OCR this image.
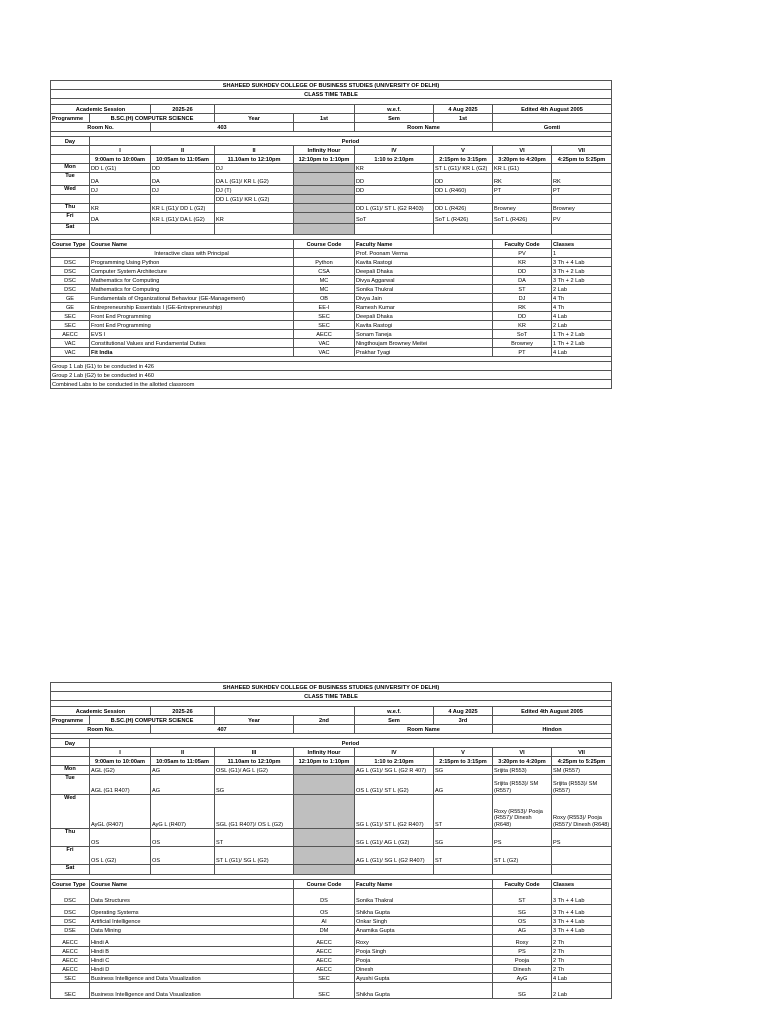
SHAHEED SUKHDEV COLLEGE OF BUSINESS STUDIES (UNIVERSITY OF DELHI)								
CLASS TIME TABLE								

Academic Session		2025-26			w.e.f.	4 Aug 2025	Edited 4th August 2005	
Programme	B.SC.(H) COMPUTER SCIENCE		Year	1st	Sem	1st		
Room No.		403			Room Name		Gomti	

Day	Period							
	I	II	II	Infinity Hour	IV	V	VI	VII
	9:00am to 10:00am	10:05am to 11:05am	11.10am to 12:10pm	12:10pm to 1:10pm	1:10 to 2:10pm	2:15pm to 3:15pm	3:20pm to 4:20pm	4:25pm to 5:25pm
Mon	DD L (G1)	DD	DJ		KR	ST L (G1)/ KR L (G2)	KR L (G1)	
Tue	DA	DA	DA L (G1)/ KR L (G2)		DD	DD	RK	RK
Wed	DJ	DJ	DJ (T)		DD	DD L (R460)	PT	PT
			DD L (G1)/ KR L (G2)					
Thu	KR	KR L (G1)/ DD L (G2)			DD L (G1)/ ST L (G2 R403)	DD L (R426)	Browney	Browney
Fri	DA	KR L (G1)/ DA L (G2)	KR		SoT	SoT L (R426)	SoT L (R426)	PV
Sat								

Course Type	Course Name			Course Code	Faculty Name		Faculty Code	Classes
	Interactive class with Principal				Prof. Poonam Verma		PV	1
DSC	Programming Using Python			Python	Kavita Rastogi		KR	3 Th + 4 Lab
DSC	Computer System Architecture			CSA	Deepali Dhaka		DD	3 Th + 2 Lab
DSC	Mathematics for Computing			MC	Divya Aggarwal		DA	3 Th + 2 Lab
DSC	Mathematics for Computing			MC	Sonika Thukral		ST	2 Lab
GE	Fundamentals of Organizational Behaviour (GE-Management)			OB	Divya Jain		DJ	4 Th
GE	Entrepreneurship Essentials I (GE-Entrepreneurship)			EE-I	Ramesh Kumar		RK	4 Th
SEC	Front End Programming			SEC	Deepali Dhaka		DD	4 Lab
SEC	Front End Programming			SEC	Kavita Rastogi		KR	2 Lab
AECC	EVS I			AECC	Sonam Taneja		SoT	1 Th + 2 Lab
VAC	Constitutional Values and Fundamental Duties			VAC	Ningthoujam Browney Meitei		Browney	1 Th + 2 Lab
VAC	Fit India			VAC	Prakhar Tyagi		PT	4 Lab

Group 1 Lab (G1) to be conducted in 426								
Group 2 Lab (G2) to be conducted in 460								
Combined Labs to be conducted in the allotted classroom								
SHAHEED SUKHDEV COLLEGE OF BUSINESS STUDIES (UNIVERSITY OF DELHI)								
CLASS TIME TABLE								

Academic Session		2025-26			w.e.f.	4 Aug 2025	Edited 4th August 2005	
Programme	B.SC.(H) COMPUTER SCIENCE		Year	2nd	Sem	3rd		
Room No.		407			Room Name		Hindon	

Day	Period							
	I	II	III	Infinity Hour	IV	V	VI	VII
	9:00am to 10:00am	10:05am to 11:05am	11.10am to 12:10pm	12:10pm to 1:10pm	1:10 to 2:10pm	2:15pm to 3:15pm	3:20pm to 4:20pm	4:25pm to 5:25pm
Mon	AGL (G2)	AG	OSL (G1)/ AG L (G2)		AG L (G1)/ SG L (G2 R 407)	SG	Srijita (R553)	SM (R557)
Tue	AGL (G1 R407)	AG	SG		OS L (G1)/ ST L (G2)	AG	Srijita (R553)/ SM (R557)	Srijita (R553)/ SM (R557)
Wed	AyGL (R407)	AyG L (R407)	SGL (G1 R407)/ OS L (G2)		SG L (G1)/ ST L (G2 R407)	ST	Roxy (R553)/ Pooja (R557)/ Dinesh (R648)	Roxy (R553)/ Pooja (R557)/ Dinesh (R648)
Thu	OS	OS	ST		SG L (G1)/ AG L (G2)	SG	PS	PS
Fri	OS L (G2)	OS	ST L (G1)/ SG L (G2)		AG L (G1)/ SG L (G2 R407)	ST	ST L (G2)	
Sat								

Course Type	Course Name			Course Code	Faculty Name		Faculty Code	Classes
DSC	Data Structures			DS	Sonika Thakral		ST	3 Th + 4 Lab
DSC	Operating Systems			OS	Shikha Gupta		SG	3 Th + 4 Lab
DSC	Artificial Intelligence			AI	Onkar Singh		OS	3 Th + 4 Lab
DSE	Data Mining			DM	Anamika Gupta		AG	3 Th + 4 Lab
AECC	Hindi A			AECC	Roxy		Roxy	2 Th
AECC	Hindi B			AECC	Pooja Singh		PS	2 Th
AECC	Hindi C			AECC	Pooja		Pooja	2 Th
AECC	Hindi D			AECC	Dinesh		Dinesh	2 Th
SEC	Business Intelligence and Data Visualization			SEC	Ayushi Gupta		AyG	4 Lab
SEC	Business Intelligence and Data Visualization			SEC	Shikha Gupta		SG	2 Lab
